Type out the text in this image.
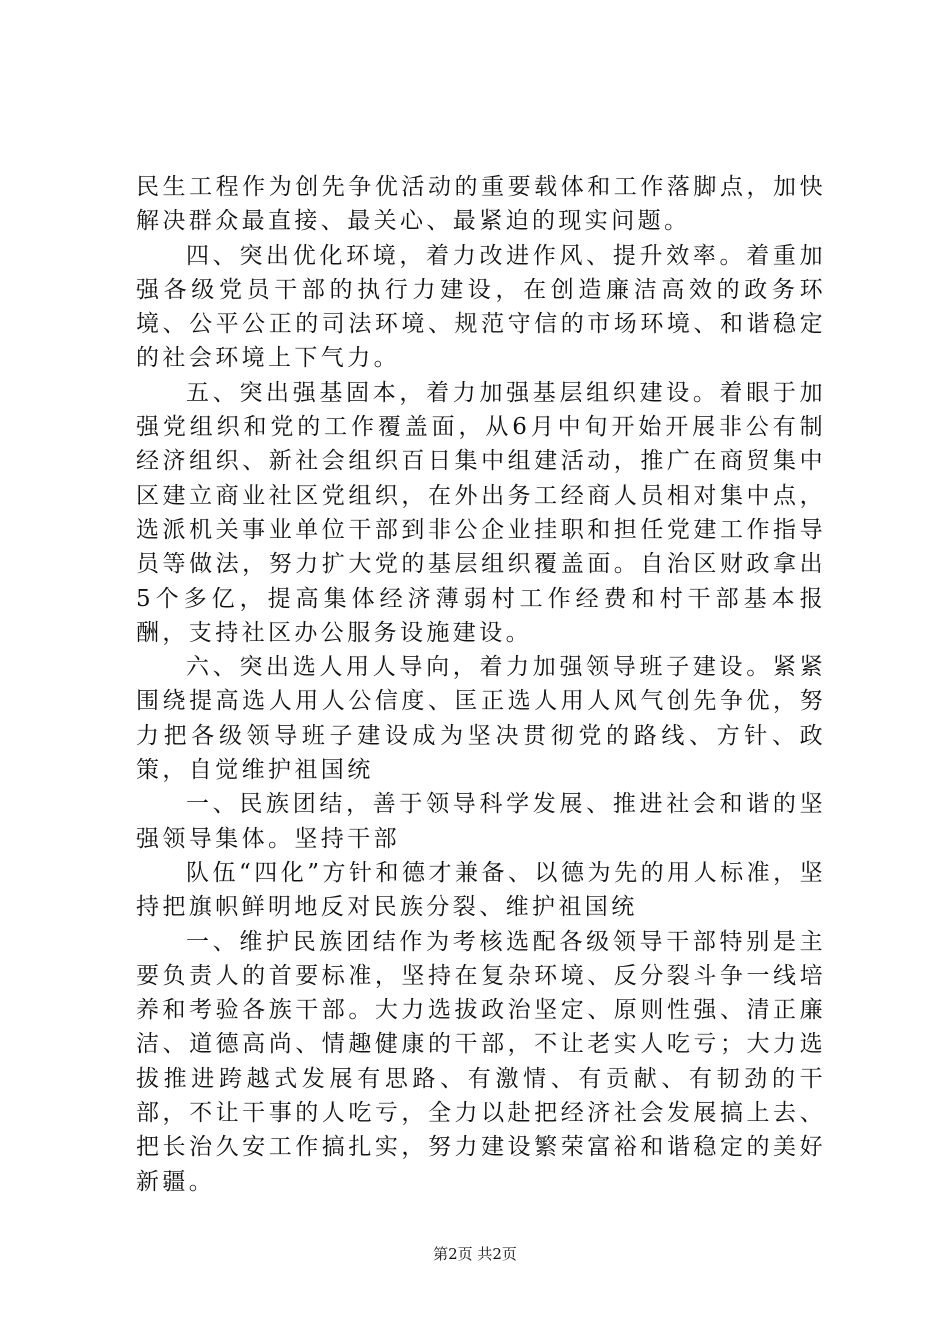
民生工程作为创先争优活动的重要载体和工作落脚点，加快解决群众最直接、最关心、最紧迫的现实问题。

四、突出优化环境，着力改进作风、提升效率。着重加强各级党员干部的执行力建设，在创造廉洁高效的政务环境、公平公正的司法环境、规范守信的市场环境、和谐稳定的社会环境上下气力。

五、突出强基固本，着力加强基层组织建设。着眼于加强党组织和党的工作覆盖面，从6月中旬开始开展非公有制经济组织、新社会组织百日集中组建活动，推广在商贸集中区建立商业社区党组织，在外出务工经商人员相对集中点，选派机关事业单位干部到非公企业挂职和担任党建工作指导员等做法，努力扩大党的基层组织覆盖面。自治区财政拿出5个多亿，提高集体经济薄弱村工作经费和村干部基本报酬，支持社区办公服务设施建设。

六、突出选人用人导向，着力加强领导班子建设。紧紧围绕提高选人用人公信度、匡正选人用人风气创先争优，努力把各级领导班子建设成为坚决贯彻党的路线、方针、政策，自觉维护祖国统

一、民族团结，善于领导科学发展、推进社会和谐的坚强领导集体。坚持干部

队伍“四化”方针和德才兼备、以德为先的用人标准，坚持把旗帜鲜明地反对民族分裂、维护祖国统

一、维护民族团结作为考核选配各级领导干部特别是主要负责人的首要标准，坚持在复杂环境、反分裂斗争一线培养和考验各族干部。大力选拔政治坚定、原则性强、清正廉洁、道德高尚、情趣健康的干部，不让老实人吃亏；大力选拔推进跨越式发展有思路、有激情、有贡献、有韧劲的干部，不让干事的人吃亏，全力以赴把经济社会发展搞上去、把长治久安工作搞扎实，努力建设繁荣富裕和谐稳定的美好新疆。

第2页 共2页
